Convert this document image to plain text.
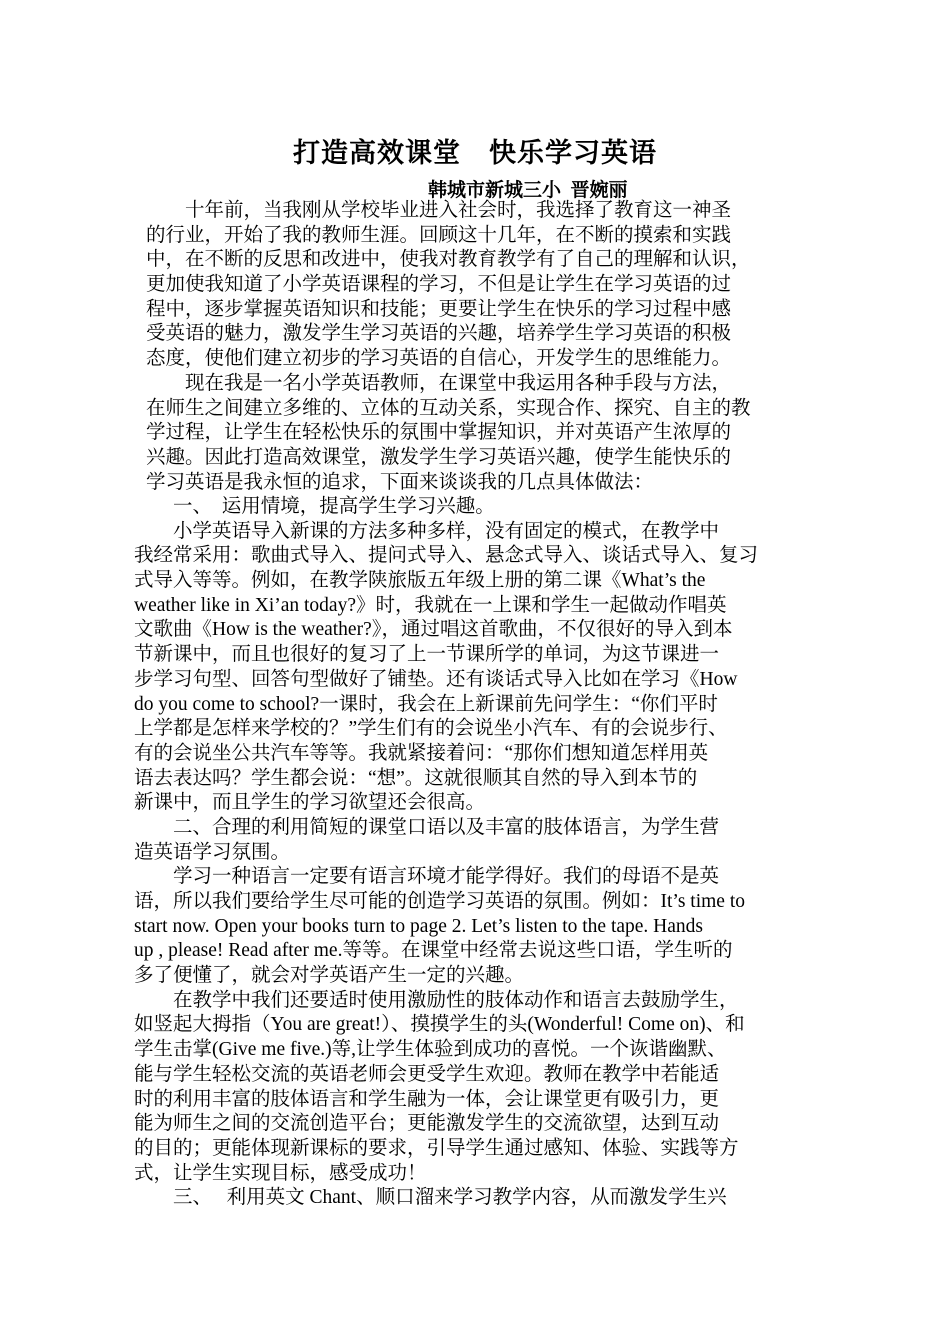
打造高效课堂　快乐学习英语
韩城市新城三小  晋婉丽
　　十年前，当我刚从学校毕业进入社会时，我选择了教育这一神圣
的行业，开始了我的教师生涯。回顾这十几年，在不断的摸索和实践
中，在不断的反思和改进中，使我对教育教学有了自己的理解和认识，
更加使我知道了小学英语课程的学习，不但是让学生在学习英语的过
程中，逐步掌握英语知识和技能；更要让学生在快乐的学习过程中感
受英语的魅力，激发学生学习英语的兴趣，培养学生学习英语的积极
态度，使他们建立初步的学习英语的自信心，开发学生的思维能力。
　　现在我是一名小学英语教师，在课堂中我运用各种手段与方法，
在师生之间建立多维的、立体的互动关系，实现合作、探究、自主的教
学过程，让学生在轻松快乐的氛围中掌握知识，并对英语产生浓厚的
兴趣。因此打造高效课堂，激发学生学习英语兴趣，使学生能快乐的
学习英语是我永恒的追求，下面来谈谈我的几点具体做法：
　　一、　运用情境，提高学生学习兴趣。
　　小学英语导入新课的方法多种多样，没有固定的模式，在教学中
我经常采用：歌曲式导入、提问式导入、悬念式导入、谈话式导入、复习
式导入等等。例如，在教学陕旅版五年级上册的第二课《What’s the
weather like in Xi’an today?》时，我就在一上课和学生一起做动作唱英
文歌曲《How is the weather?》，通过唱这首歌曲，不仅很好的导入到本
节新课中，而且也很好的复习了上一节课所学的单词，为这节课进一
步学习句型、回答句型做好了铺垫。还有谈话式导入比如在学习《How
do you come to school?一课时，我会在上新课前先问学生：“你们平时
上学都是怎样来学校的？”学生们有的会说坐小汽车、有的会说步行、
有的会说坐公共汽车等等。我就紧接着问：“那你们想知道怎样用英
语去表达吗？学生都会说：“想”。这就很顺其自然的导入到本节的
新课中，而且学生的学习欲望还会很高。
　　二、合理的利用简短的课堂口语以及丰富的肢体语言，为学生营
造英语学习氛围。
　　学习一种语言一定要有语言环境才能学得好。我们的母语不是英
语，所以我们要给学生尽可能的创造学习英语的氛围。例如：It’s time to
start now. Open your books turn to page 2. Let’s listen to the tape. Hands
up , please! Read after me.等等。在课堂中经常去说这些口语，学生听的
多了便懂了，就会对学英语产生一定的兴趣。
　　在教学中我们还要适时使用激励性的肢体动作和语言去鼓励学生，
如竖起大拇指（You are great!）、摸摸学生的头(Wonderful! Come on)、和
学生击掌(Give me five.)等,让学生体验到成功的喜悦。一个诙谐幽默、
能与学生轻松交流的英语老师会更受学生欢迎。教师在教学中若能适
时的利用丰富的肢体语言和学生融为一体，会让课堂更有吸引力，更
能为师生之间的交流创造平台；更能激发学生的交流欲望，达到互动
的目的；更能体现新课标的要求，引导学生通过感知、体验、实践等方
式，让学生实现目标，感受成功！
　　三、　 利用英文 Chant、顺口溜来学习教学内容，从而激发学生兴
